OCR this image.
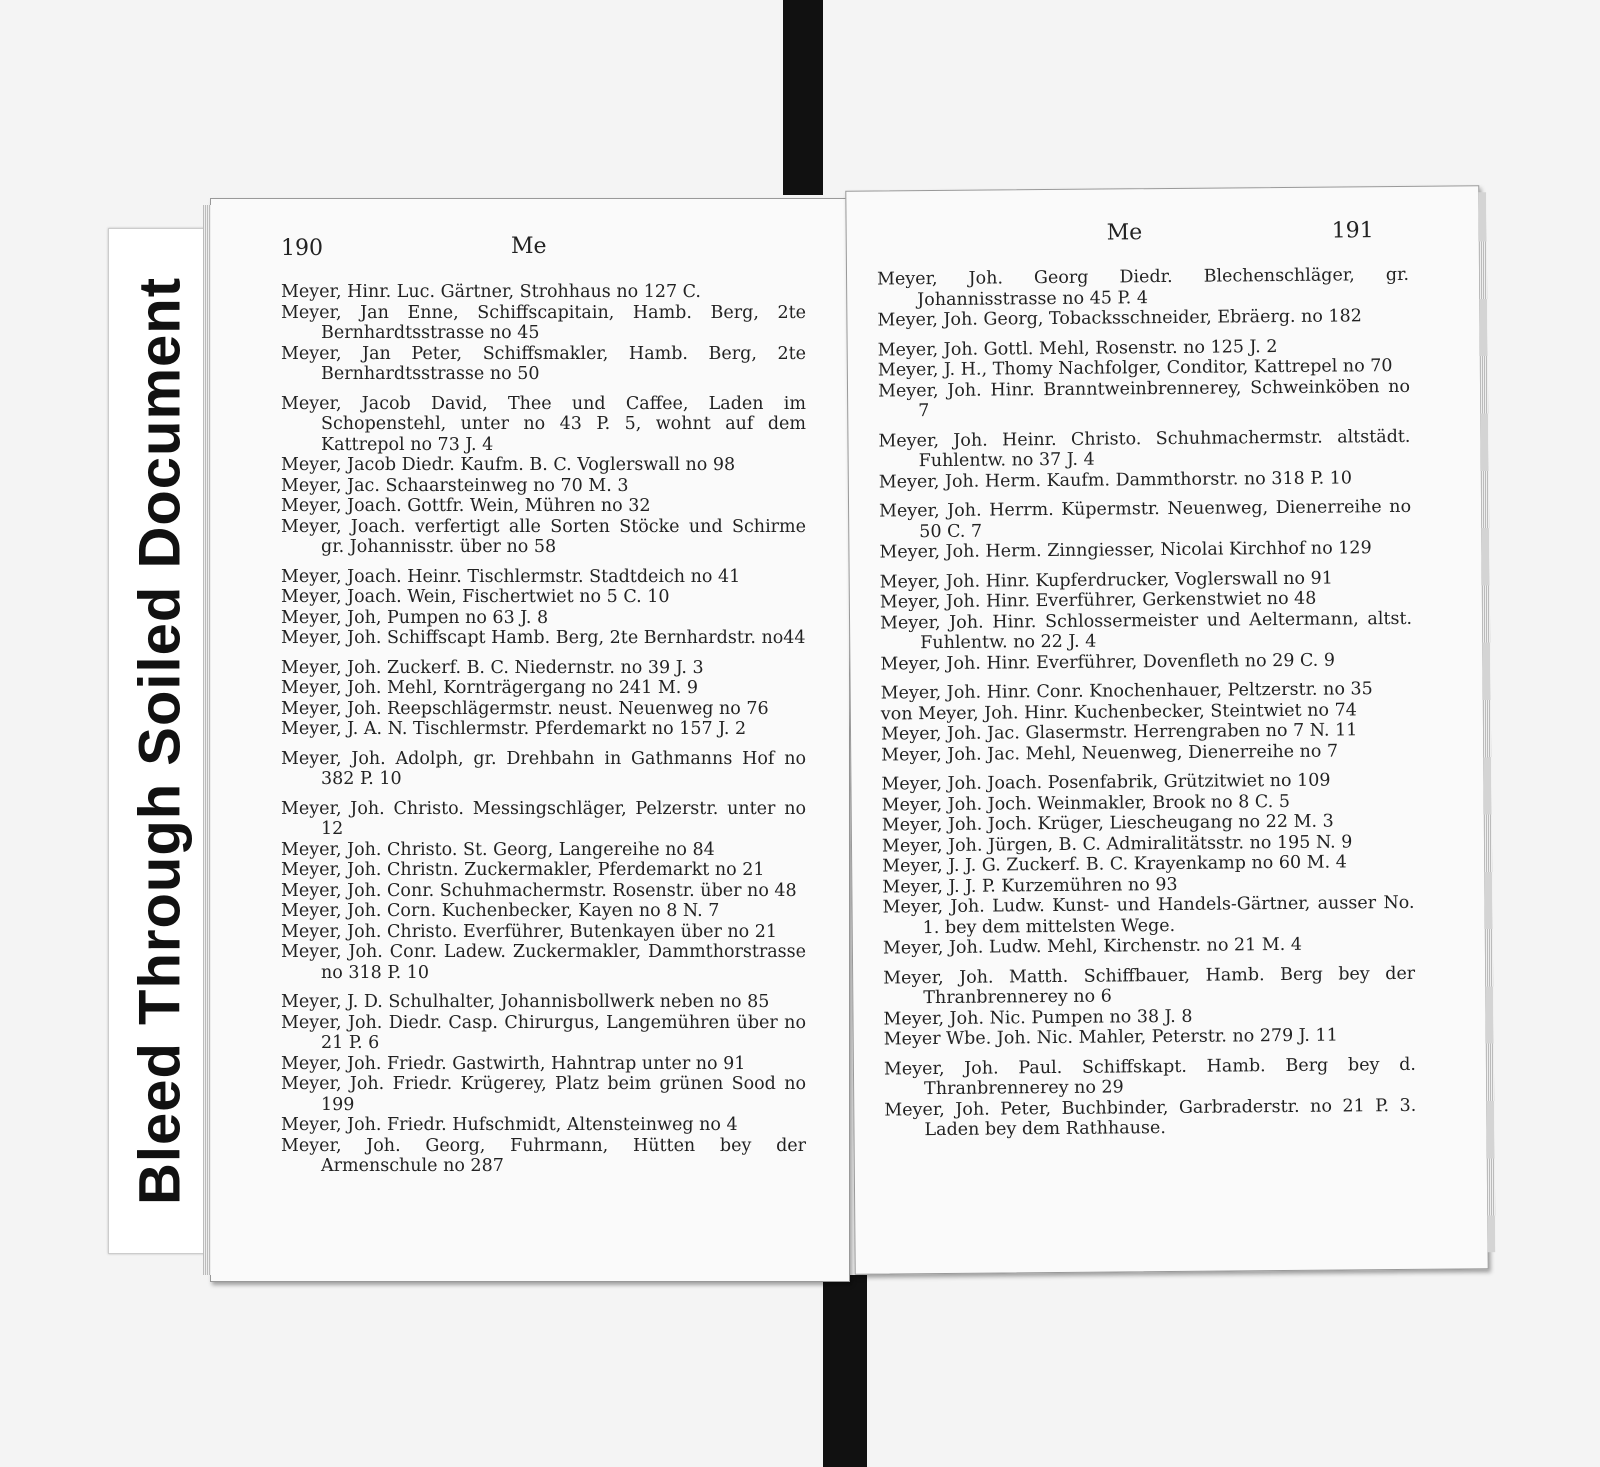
Bleed Through Soiled Document
190	Me
Meyer, Hinr. Luc. Gärtner, Strohhaus no 127 C.
Meyer, Jan Enne, Schiffscapitain, Hamb. Berg, 2te Bernhardtsstrasse no 45
Meyer, Jan Peter, Schiffsmakler, Hamb. Berg, 2te Bernhardtsstrasse no 50
Meyer, Jacob David, Thee und Caffee, Laden im Schopenstehl, unter no 43 P. 5, wohnt auf dem Kattrepol no 73 J. 4
Meyer, Jacob Diedr. Kaufm. B. C. Voglerswall no 98
Meyer, Jac. Schaarsteinweg no 70 M. 3
Meyer, Joach. Gottfr. Wein, Mühren no 32
Meyer, Joach. verfertigt alle Sorten Stöcke und Schirme gr. Johannisstr. über no 58
Meyer, Joach. Heinr. Tischlermstr. Stadtdeich no 41
Meyer, Joach. Wein, Fischertwiet no 5 C. 10
Meyer, Joh, Pumpen no 63 J. 8
Meyer, Joh. Schiffscapt Hamb. Berg, 2te Bernhardstr. no44
Meyer, Joh. Zuckerf. B. C. Niedernstr. no 39 J. 3
Meyer, Joh. Mehl, Kornträgergang no 241 M. 9
Meyer, Joh. Reepschlägermstr. neust. Neuenweg no 76
Meyer, J. A. N. Tischlermstr. Pferdemarkt no 157 J. 2
Meyer, Joh. Adolph, gr. Drehbahn in Gathmanns Hof no 382 P. 10
Meyer, Joh. Christo. Messingschläger, Pelzerstr. unter no 12
Meyer, Joh. Christo. St. Georg, Langereihe no 84
Meyer, Joh. Christn. Zuckermakler, Pferdemarkt no 21
Meyer, Joh. Conr. Schuhmachermstr. Rosenstr. über no 48
Meyer, Joh. Corn. Kuchenbecker, Kayen no 8 N. 7
Meyer, Joh. Christo. Everführer, Butenkayen über no 21
Meyer, Joh. Conr. Ladew. Zuckermakler, Dammthorstrasse no 318 P. 10
Meyer, J. D. Schulhalter, Johannisbollwerk neben no 85
Meyer, Joh. Diedr. Casp. Chirurgus, Langemühren über no 21 P. 6
Meyer, Joh. Friedr. Gastwirth, Hahntrap unter no 91
Meyer, Joh. Friedr. Krügerey, Platz beim grünen Sood no 199
Meyer, Joh. Friedr. Hufschmidt, Altensteinweg no 4
Meyer, Joh. Georg, Fuhrmann, Hütten bey der Armenschule no 287
191
Me
Meyer, Joh. Georg Diedr. Blechenschläger, gr. Johannisstrasse no 45 P. 4
Meyer, Joh. Georg, Tobacksschneider, Ebräerg. no 182
Meyer, Joh. Gottl. Mehl, Rosenstr. no 125 J. 2
Meyer, J. H., Thomy Nachfolger, Conditor, Kattrepel no 70
Meyer, Joh. Hinr. Branntweinbrennerey, Schweinköben no 7
Meyer, Joh. Heinr. Christo. Schuhmachermstr. altstädt. Fuhlentw. no 37 J. 4
Meyer, Joh. Herm. Kaufm. Dammthorstr. no 318 P. 10
Meyer, Joh. Herrm. Küpermstr. Neuenweg, Dienerreihe no 50 C. 7
Meyer, Joh. Herm. Zinngiesser, Nicolai Kirchhof no 129
Meyer, Joh. Hinr. Kupferdrucker, Voglerswall no 91
Meyer, Joh. Hinr. Everführer, Gerkenstwiet no 48
Meyer, Joh. Hinr. Schlossermeister und Aeltermann, altst. Fuhlentw. no 22 J. 4
Meyer, Joh. Hinr. Everführer, Dovenfleth no 29 C. 9
Meyer, Joh. Hinr. Conr. Knochenhauer, Peltzerstr. no 35
von Meyer, Joh. Hinr. Kuchenbecker, Steintwiet no 74
Meyer, Joh. Jac. Glasermstr. Herrengraben no 7 N. 11
Meyer, Joh. Jac. Mehl, Neuenweg, Dienerreihe no 7
Meyer, Joh. Joach. Posenfabrik, Grützitwiet no 109
Meyer, Joh. Joch. Weinmakler, Brook no 8 C. 5
Meyer, Joh. Joch. Krüger, Liescheugang no 22 M. 3
Meyer, Joh. Jürgen, B. C. Admiralitätsstr. no 195 N. 9
Meyer, J. J. G. Zuckerf. B. C. Krayenkamp no 60 M. 4
Meyer, J. J. P. Kurzemühren no 93
Meyer, Joh. Ludw. Kunst- und Handels-Gärtner, ausser No. 1. bey dem mittelsten Wege.
Meyer, Joh. Ludw. Mehl, Kirchenstr. no 21 M. 4
Meyer, Joh. Matth. Schiffbauer, Hamb. Berg bey der Thranbrennerey no 6
Meyer, Joh. Nic. Pumpen no 38 J. 8
Meyer Wbe. Joh. Nic. Mahler, Peterstr. no 279 J. 11
Meyer, Joh. Paul. Schiffskapt. Hamb. Berg bey d. Thranbrennerey no 29
Meyer, Joh. Peter, Buchbinder, Garbraderstr. no 21 P. 3. Laden bey dem Rathhause.
